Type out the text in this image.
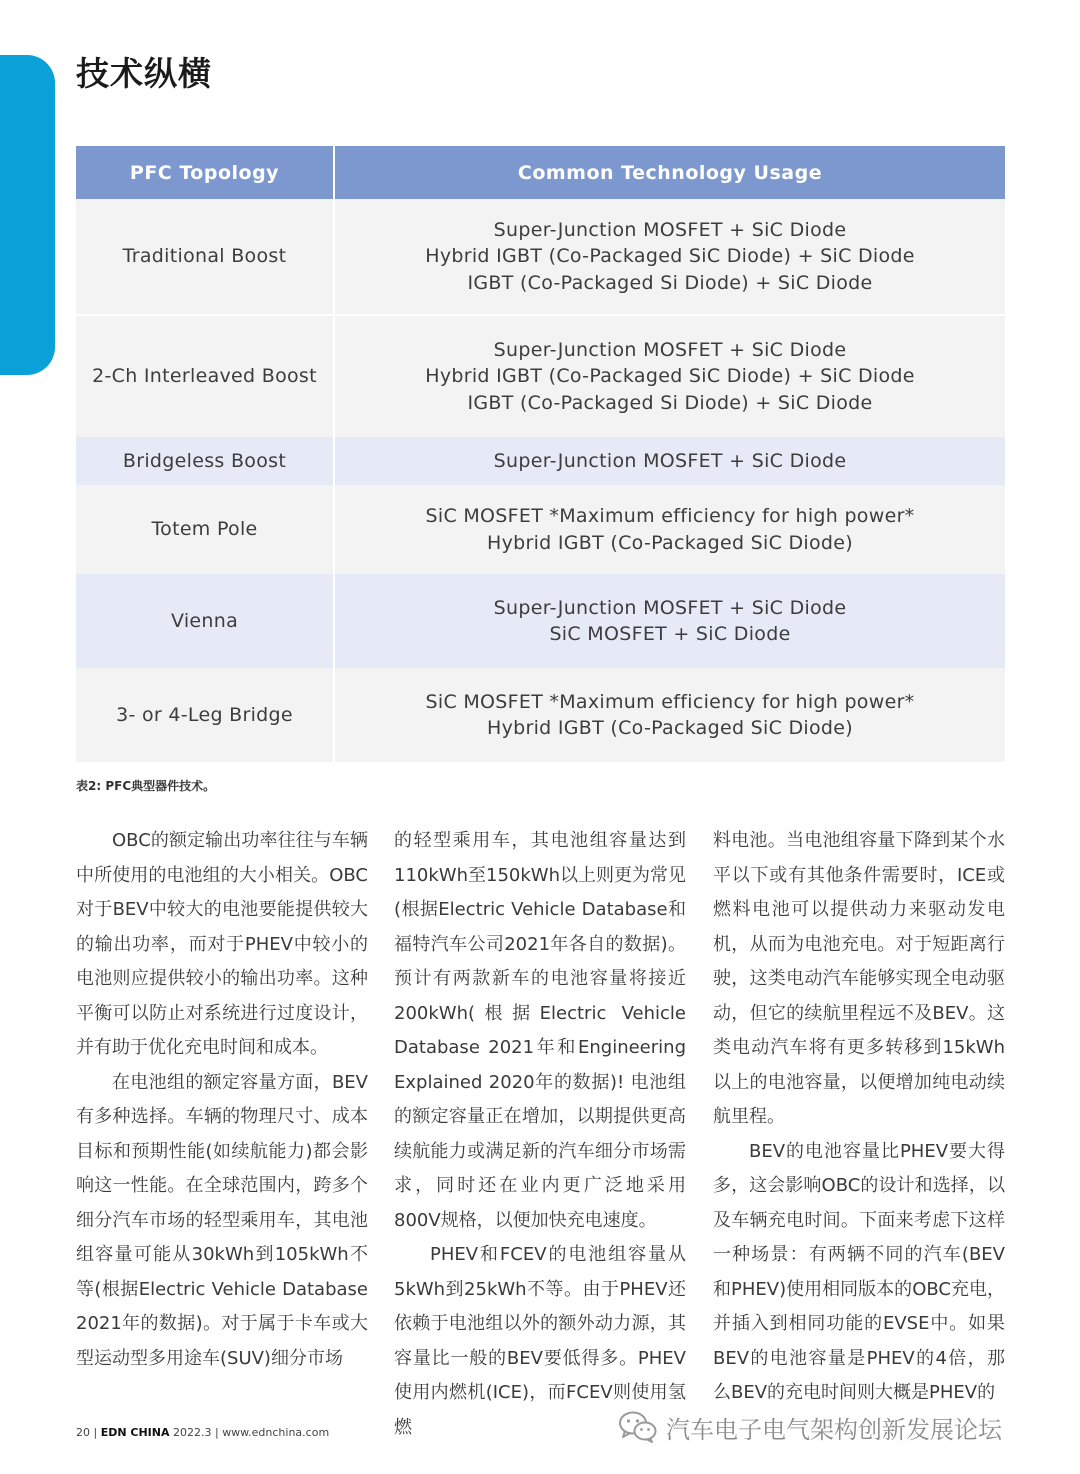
技术纵横
PFC Topology	Common Technology Usage
Traditional Boost	Super-Junction MOSFET + SiC Diode
Hybrid IGBT (Co-Packaged SiC Diode) + SiC Diode
IGBT (Co-Packaged Si Diode) + SiC Diode

2-Ch Interleaved Boost	Super-Junction MOSFET + SiC Diode
Hybrid IGBT (Co-Packaged SiC Diode) + SiC Diode
IGBT (Co-Packaged Si Diode) + SiC Diode

Bridgeless Boost	Super-Junction MOSFET + SiC Diode

Totem Pole	SiC MOSFET *Maximum efficiency for high power*
Hybrid IGBT (Co-Packaged SiC Diode)

Vienna	Super-Junction MOSFET + SiC Diode
SiC MOSFET + SiC Diode

3- or 4-Leg Bridge	SiC MOSFET *Maximum efficiency for high power*
Hybrid IGBT (Co-Packaged SiC Diode)
表2: PFC典型器件技术。

OBC的额定输出功率往往与车辆中所使用的电池组的大小相关。OBC对于BEV中较大的电池要能提供较大的输出功率，而对于PHEV中较小的电池则应提供较小的输出功率。这种平衡可以防止对系统进行过度设计，并有助于优化充电时间和成本。

在电池组的额定容量方面，BEV有多种选择。车辆的物理尺寸、成本目标和预期性能(如续航能力)都会影响这一性能。在全球范围内，跨多个细分汽车市场的轻型乘用车，其电池组容量可能从30kWh到105kWh不等(根据Electric Vehicle Database 2021年的数据)。对于属于卡车或大型运动型多用途车(SUV)细分市场

的轻型乘用车，其电池组容量达到110kWh至150kWh以上则更为常见(根据Electric Vehicle Database和福特汽车公司2021年各自的数据)。预计有两款新车的电池容量将接近200kWh(根据Electric Vehicle Database 2021年和Engineering Explained 2020年的数据)! 电池组的额定容量正在增加，以期提供更高续航能力或满足新的汽车细分市场需求，同时还在业内更广泛地采用800V规格，以便加快充电速度。

PHEV和FCEV的电池组容量从5kWh到25kWh不等。由于PHEV还依赖于电池组以外的额外动力源，其容量比一般的BEV要低得多。PHEV使用内燃机(ICE)，而FCEV则使用氢燃

料电池。当电池组容量下降到某个水平以下或有其他条件需要时，ICE或燃料电池可以提供动力来驱动发电机，从而为电池充电。对于短距离行驶，这类电动汽车能够实现全电动驱动，但它的续航里程远不及BEV。这类电动汽车将有更多转移到15kWh以上的电池容量，以便增加纯电动续航里程。

BEV的电池容量比PHEV要大得多，这会影响OBC的设计和选择，以及车辆充电时间。下面来考虑下这样一种场景：有两辆不同的汽车(BEV和PHEV)使用相同版本的OBC充电，并插入到相同功能的EVSE中。如果BEV的电池容量是PHEV的4倍，那么BEV的充电时间则大概是PHEV的

20 | EDN CHINA 2022.3 | www.ednchina.com	汽车电子电气架构创新发展论坛
